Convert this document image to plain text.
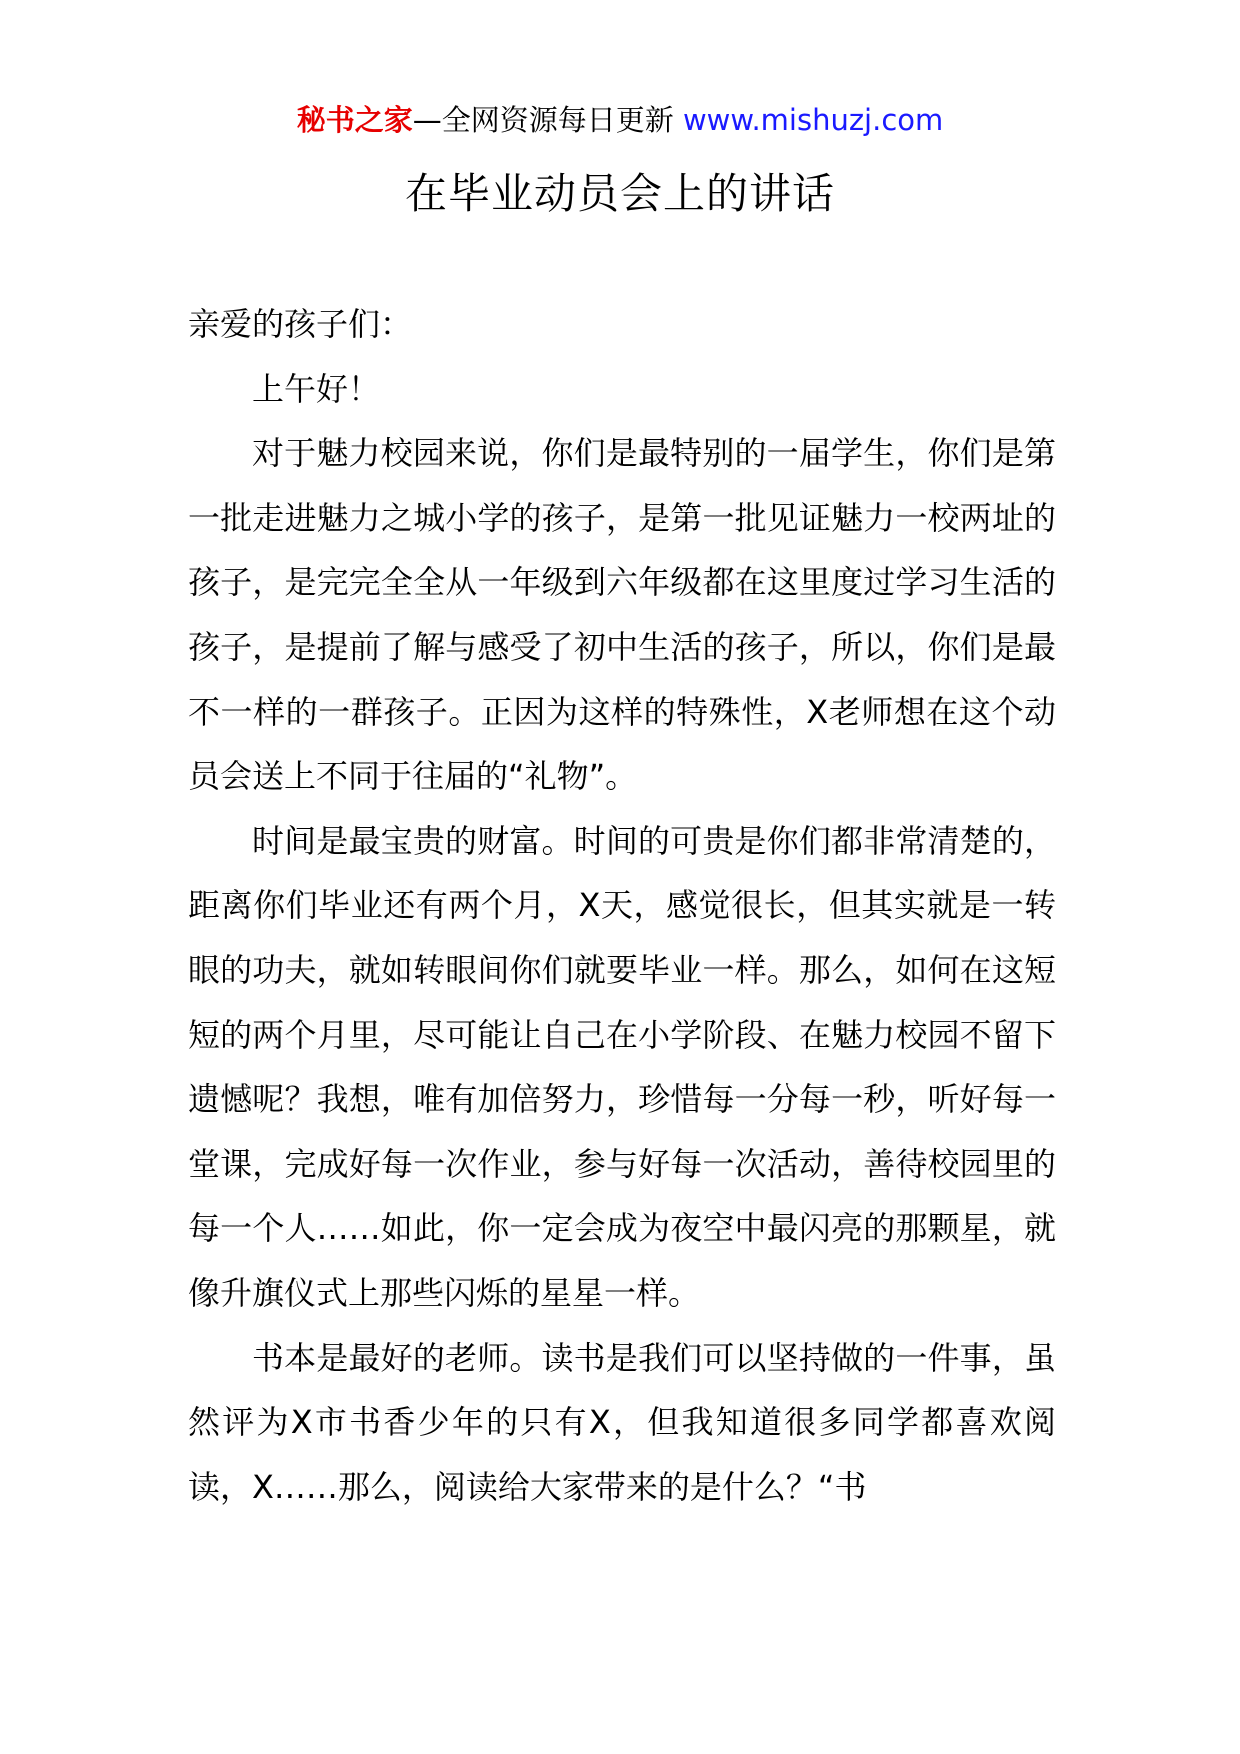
秘书之家—全网资源每日更新 www.mishuzj.com
在毕业动员会上的讲话

亲爱的孩子们：

上午好！

对于魅力校园来说，你们是最特别的一届学生，你们是第一批走进魅力之城小学的孩子，是第一批见证魅力一校两址的孩子，是完完全全从一年级到六年级都在这里度过学习生活的孩子，是提前了解与感受了初中生活的孩子，所以，你们是最不一样的一群孩子。正因为这样的特殊性，X老师想在这个动员会送上不同于往届的“礼物”。

时间是最宝贵的财富。时间的可贵是你们都非常清楚的，距离你们毕业还有两个月，X天，感觉很长，但其实就是一转眼的功夫，就如转眼间你们就要毕业一样。那么，如何在这短短的两个月里，尽可能让自己在小学阶段、在魅力校园不留下遗憾呢？我想，唯有加倍努力，珍惜每一分每一秒，听好每一堂课，完成好每一次作业，参与好每一次活动，善待校园里的每一个人……如此，你一定会成为夜空中最闪亮的那颗星，就像升旗仪式上那些闪烁的星星一样。

书本是最好的老师。读书是我们可以坚持做的一件事，虽然评为X市书香少年的只有X，但我知道很多同学都喜欢阅读，X……那么，阅读给大家带来的是什么？“书
